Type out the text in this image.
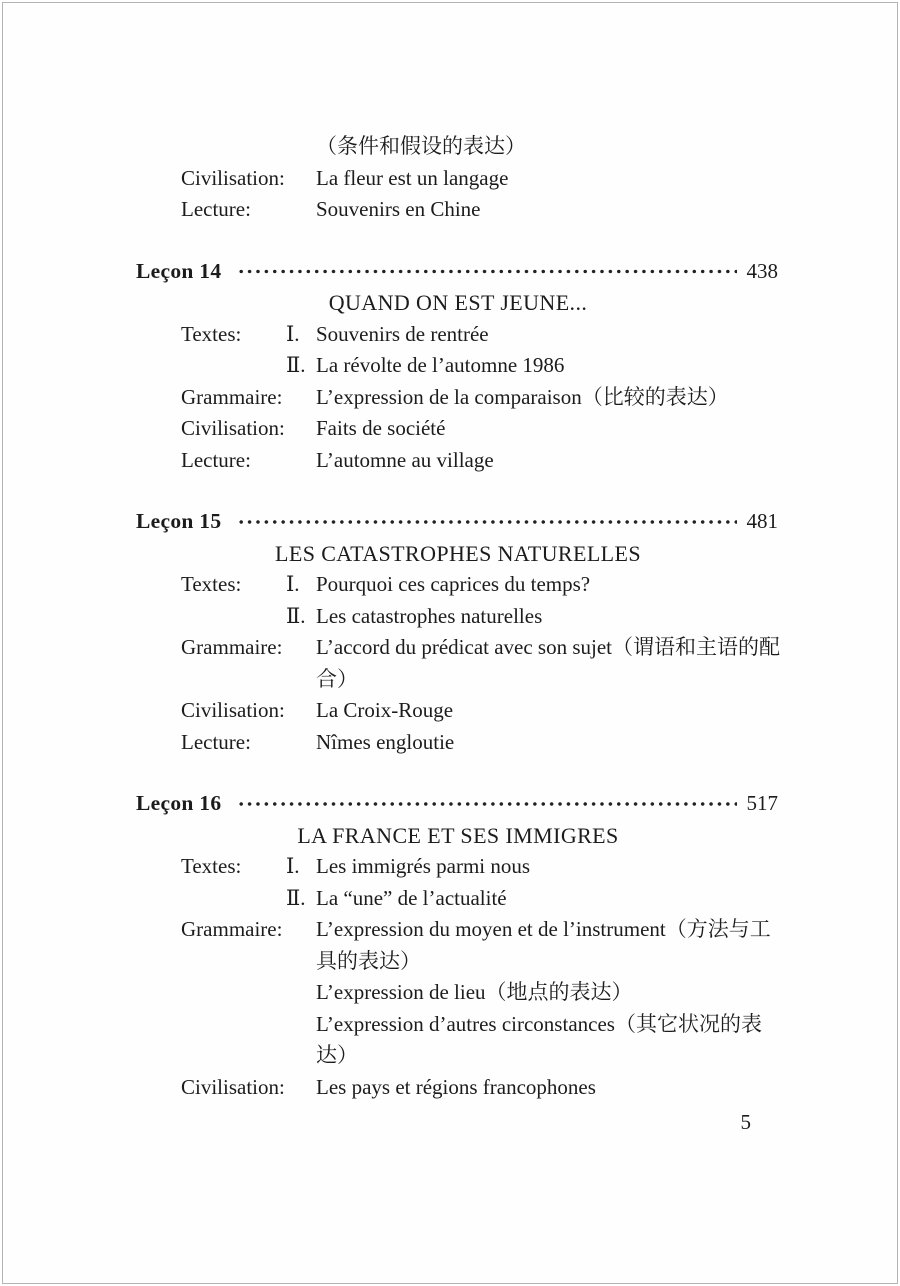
（条件和假设的表达）
Civilisation:	La fleur est un langage
Lecture:	Souvenirs en Chine
Leçon 14	438
QUAND ON EST JEUNE...
Textes:	Ⅰ. Souvenirs de rentrée
Ⅱ. La révolte de l’automne 1986
Grammaire:	L’expression de la comparaison（比较的表达）
Civilisation:	Faits de société
Lecture:	L’automne au village
Leçon 15	481
LES CATASTROPHES NATURELLES
Textes:	Ⅰ. Pourquoi ces caprices du temps?
Ⅱ. Les catastrophes naturelles
Grammaire:	L’accord du prédicat avec son sujet（谓语和主语的配合）
Civilisation:	La Croix-Rouge
Lecture:	Nîmes engloutie
Leçon 16	517
LA FRANCE ET SES IMMIGRES
Textes:	Ⅰ. Les immigrés parmi nous
Ⅱ. La “une” de l’actualité
Grammaire:	L’expression du moyen et de l’instrument（方法与工具的表达）
L’expression de lieu（地点的表达）
L’expression d’autres circonstances（其它状况的表达）
Civilisation:	Les pays et régions francophones
5
